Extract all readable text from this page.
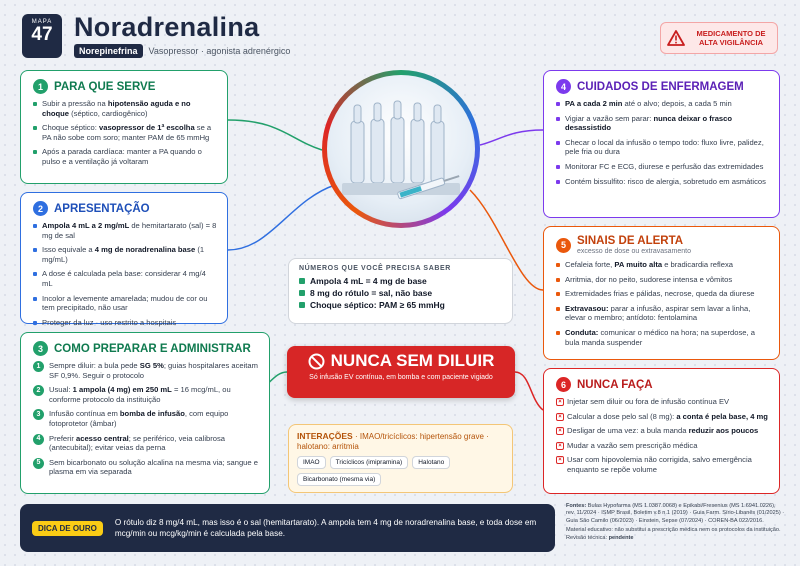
MAPA
47 Noradrenalina
Norepinefrina	Vasopressor · agonista adrenérgico
MEDICAMENTO DE ALTA VIGILÂNCIA
1 PARA QUE SERVE
Subir a pressão na hipotensão aguda e no choque (séptico, cardiogênico)
Choque séptico: vasopressor de 1ª escolha se a PA não sobe com soro; manter PAM de 65 mmHg
Após a parada cardíaca: manter a PA quando o pulso e a ventilação já voltaram
2 APRESENTAÇÃO
Ampola 4 mL a 2 mg/mL de hemitartarato (sal) = 8 mg de sal
Isso equivale a 4 mg de noradrenalina base (1 mg/mL)
A dose é calculada pela base: considerar 4 mg/4 mL
Incolor a levemente amarelada; mudou de cor ou tem precipitado, não usar
Proteger da luz · uso restrito a hospitais
3 COMO PREPARAR E ADMINISTRAR
1	Sempre diluir: a bula pede SG 5%; guias hospitalares aceitam SF 0,9%. Seguir o protocolo
2	Usual: 1 ampola (4 mg) em 250 mL = 16 mcg/mL, ou conforme protocolo da instituição
3	Infusão contínua em bomba de infusão, com equipo fotoprotetor (âmbar)
4	Preferir acesso central; se periférico, veia calibrosa (antecubital); evitar veias da perna
5	Sem bicarbonato ou solução alcalina na mesma via; sangue e plasma em via separada
NÚMEROS QUE VOCÊ PRECISA SABER
Ampola 4 mL = 4 mg de base
8 mg do rótulo = sal, não base
Choque séptico: PAM ≥ 65 mmHg
NUNCA SEM DILUIR
Só infusão EV contínua, em bomba e com paciente vigiado
INTERAÇÕES · IMAO/tricíclicos: hipertensão grave · halotano: arritmia
IMAO	Tricíclicos (imipramina)	Halotano
Bicarbonato (mesma via)
4 CUIDADOS DE ENFERMAGEM
PA a cada 2 min até o alvo; depois, a cada 5 min
Vigiar a vazão sem parar: nunca deixar o frasco desassistido
Checar o local da infusão o tempo todo: fluxo livre, palidez, pele fria ou dura
Monitorar FC e ECG, diurese e perfusão das extremidades
Contém bissulfito: risco de alergia, sobretudo em asmáticos
5 SINAIS DE ALERTA
excesso de dose ou extravasamento
Cefaleia forte, PA muito alta e bradicardia reflexa
Arritmia, dor no peito, sudorese intensa e vômitos
Extremidades frias e pálidas, necrose, queda da diurese
Extravasou: parar a infusão, aspirar sem lavar a linha, elevar o membro; antídoto: fentolamina
Conduta: comunicar o médico na hora; na superdose, a bula manda suspender
6 NUNCA FAÇA
× Injetar sem diluir ou fora de infusão contínua EV
× Calcular a dose pelo sal (8 mg): a conta é pela base, 4 mg
× Desligar de uma vez: a bula manda reduzir aos poucos
× Mudar a vazão sem prescrição médica
× Usar com hipovolemia não corrigida, salvo emergência enquanto se repõe volume
DICA DE OURO
O rótulo diz 8 mg/4 mL, mas isso é o sal (hemitartarato). A ampola tem 4 mg de noradrenalina base, e toda dose em mcg/min ou mcg/kg/min é calculada pela base.
Fontes: Bulas Hypofarma (MS 1.0387.0068) e Epikabi/Fresenius (MS 1.6941.0226), rev. 11/2024 · ISMP Brasil, Boletim v.8 n.1 (2019) · Guia Farm. Sírio-Libanês (01/2025) · Guia São Camilo (06/2023) · Einstein, Sepse (07/2024) · COREN-BA 022/2016.
Material educativo: não substitui a prescrição médica nem os protocolos da instituição. Revisão técnica: pendente
